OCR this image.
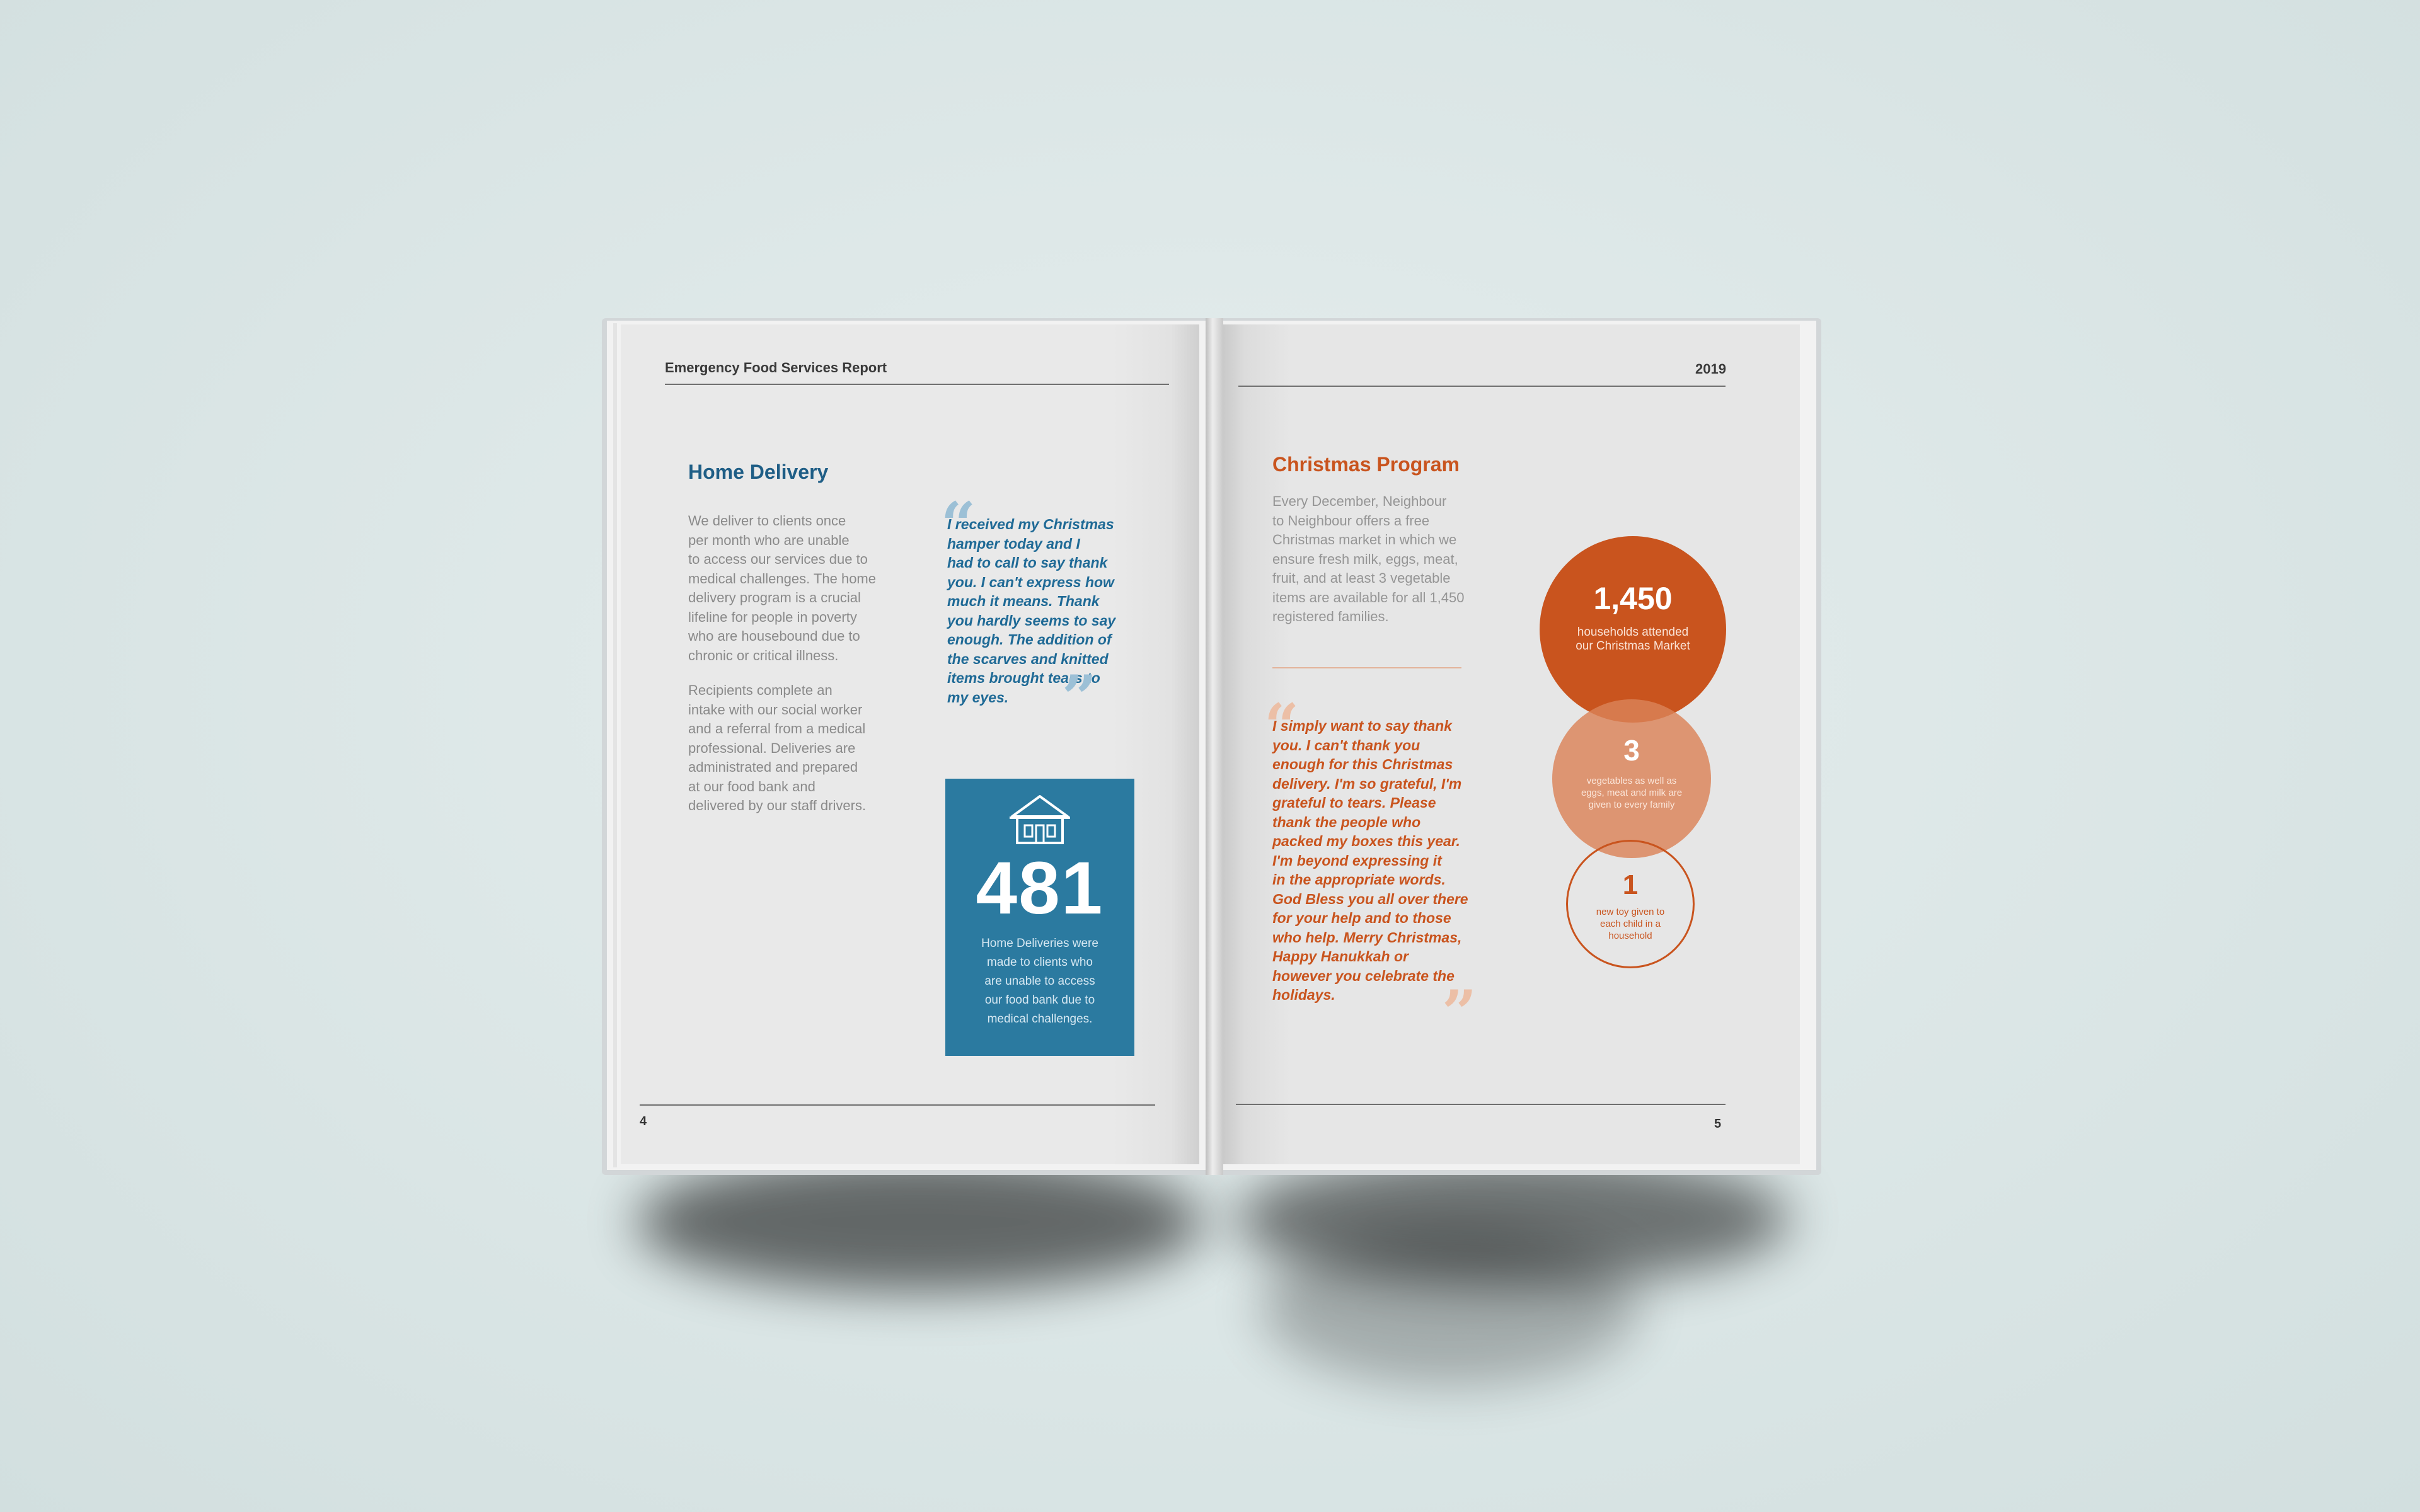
Emergency Food Services Report
Home Delivery

We deliver to clients once
per month who are unable
to access our services due to
medical challenges. The home
delivery program is a crucial
lifeline for people in poverty
who are housebound due to
chronic or critical illness.

Recipients complete an
intake with our social worker
and a referral from a medical
professional. Deliveries are
administrated and prepared
at our food bank and
delivered by our staff drivers.

“

I received my Christmas
hamper today and I
had to call to say thank
you. I can't express how
much it means. Thank
you hardly seems to say
enough. The addition of
the scarves and knitted
items brought tears to
my eyes. ”
481
Home Deliveries were
made to clients who
are unable to access
our food bank due to
medical challenges.
4
2019
Christmas Program

Every December, Neighbour
to Neighbour offers a free
Christmas market in which we
ensure fresh milk, eggs, meat,
fruit, and at least 3 vegetable
items are available for all 1,450
registered families.

“

I simply want to say thank
you. I can't thank you
enough for this Christmas
delivery. I'm so grateful, I'm
grateful to tears. Please
thank the people who
packed my boxes this year.
I'm beyond expressing it
in the appropriate words.
God Bless you all over there
for your help and to those
who help. Merry Christmas,
Happy Hanukkah or
however you celebrate the
holidays.	”
1,450
households attended
our Christmas Market
3
vegetables as well as
eggs, meat and milk are
given to every family
1
new toy given to
each child in a
household
5
